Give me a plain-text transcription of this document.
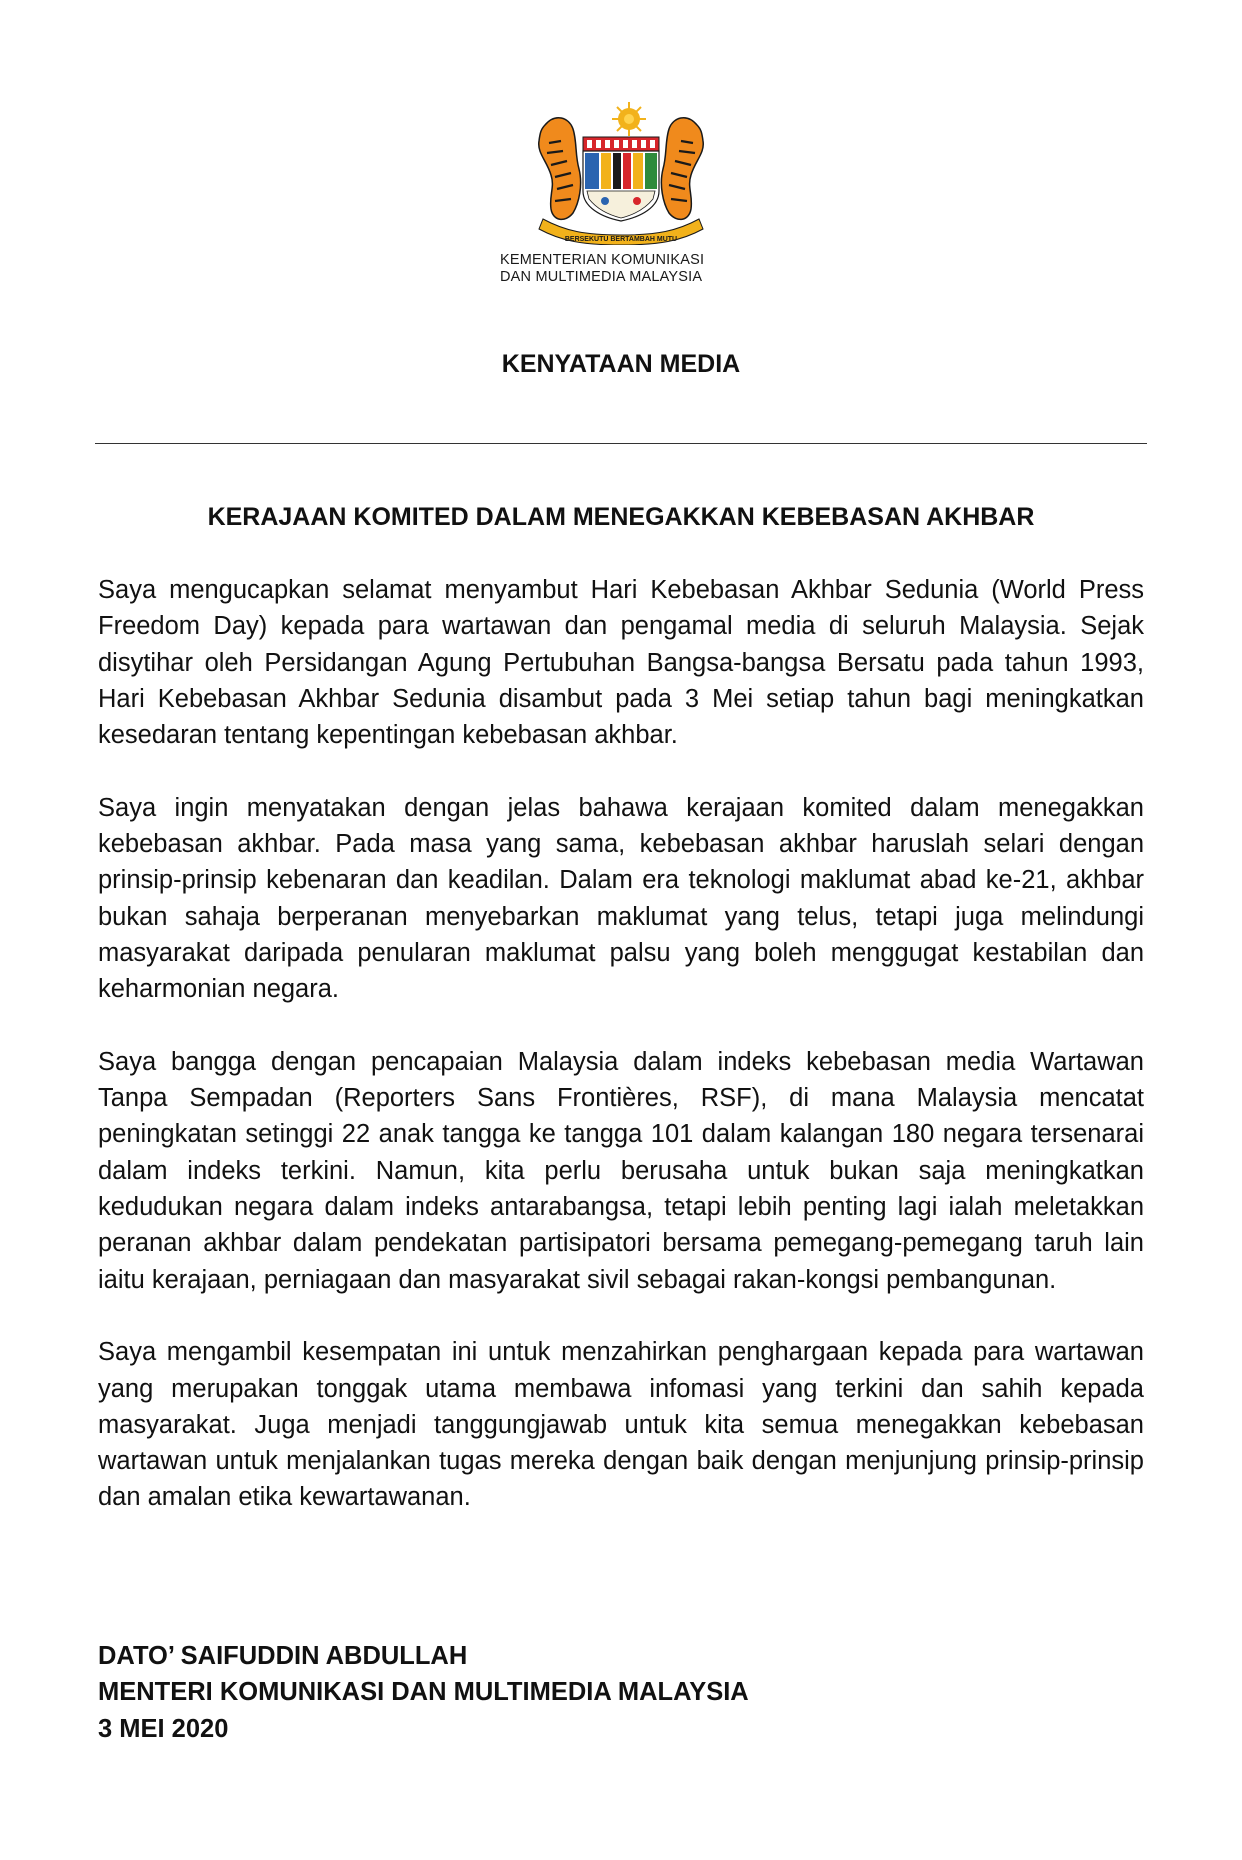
BERSEKUTU BERTAMBAH MUTU
KEMENTERIAN KOMUNIKASI
DAN MULTIMEDIA MALAYSIA
KENYATAAN MEDIA
KERAJAAN KOMITED DALAM MENEGAKKAN KEBEBASAN AKHBAR

Saya mengucapkan selamat menyambut Hari Kebebasan Akhbar Sedunia (World Press Freedom Day) kepada para wartawan dan pengamal media di seluruh Malaysia. Sejak disytihar oleh Persidangan Agung Pertubuhan Bangsa-bangsa Bersatu pada tahun 1993, Hari Kebebasan Akhbar Sedunia disambut pada 3 Mei setiap tahun bagi meningkatkan kesedaran tentang kepentingan kebebasan akhbar.

Saya ingin menyatakan dengan jelas bahawa kerajaan komited dalam menegakkan kebebasan akhbar. Pada masa yang sama, kebebasan akhbar haruslah selari dengan prinsip-prinsip kebenaran dan keadilan. Dalam era teknologi maklumat abad ke-21, akhbar bukan sahaja berperanan menyebarkan maklumat yang telus, tetapi juga melindungi masyarakat daripada penularan maklumat palsu yang boleh menggugat kestabilan dan keharmonian negara.

Saya bangga dengan pencapaian Malaysia dalam indeks kebebasan media Wartawan Tanpa Sempadan (Reporters Sans Frontières, RSF), di mana Malaysia mencatat peningkatan setinggi 22 anak tangga ke tangga 101 dalam kalangan 180 negara tersenarai dalam indeks terkini. Namun, kita perlu berusaha untuk bukan saja meningkatkan kedudukan negara dalam indeks antarabangsa, tetapi lebih penting lagi ialah meletakkan peranan akhbar dalam pendekatan partisipatori bersama pemegang-pemegang taruh lain iaitu kerajaan, perniagaan dan masyarakat sivil sebagai rakan-kongsi pembangunan.

Saya mengambil kesempatan ini untuk menzahirkan penghargaan kepada para wartawan yang merupakan tonggak utama membawa infomasi yang terkini dan sahih kepada masyarakat. Juga menjadi tanggungjawab untuk kita semua menegakkan kebebasan wartawan untuk menjalankan tugas mereka dengan baik dengan menjunjung prinsip-prinsip dan amalan etika kewartawanan.

DATO’ SAIFUDDIN ABDULLAH
MENTERI KOMUNIKASI DAN MULTIMEDIA MALAYSIA
3 MEI 2020
